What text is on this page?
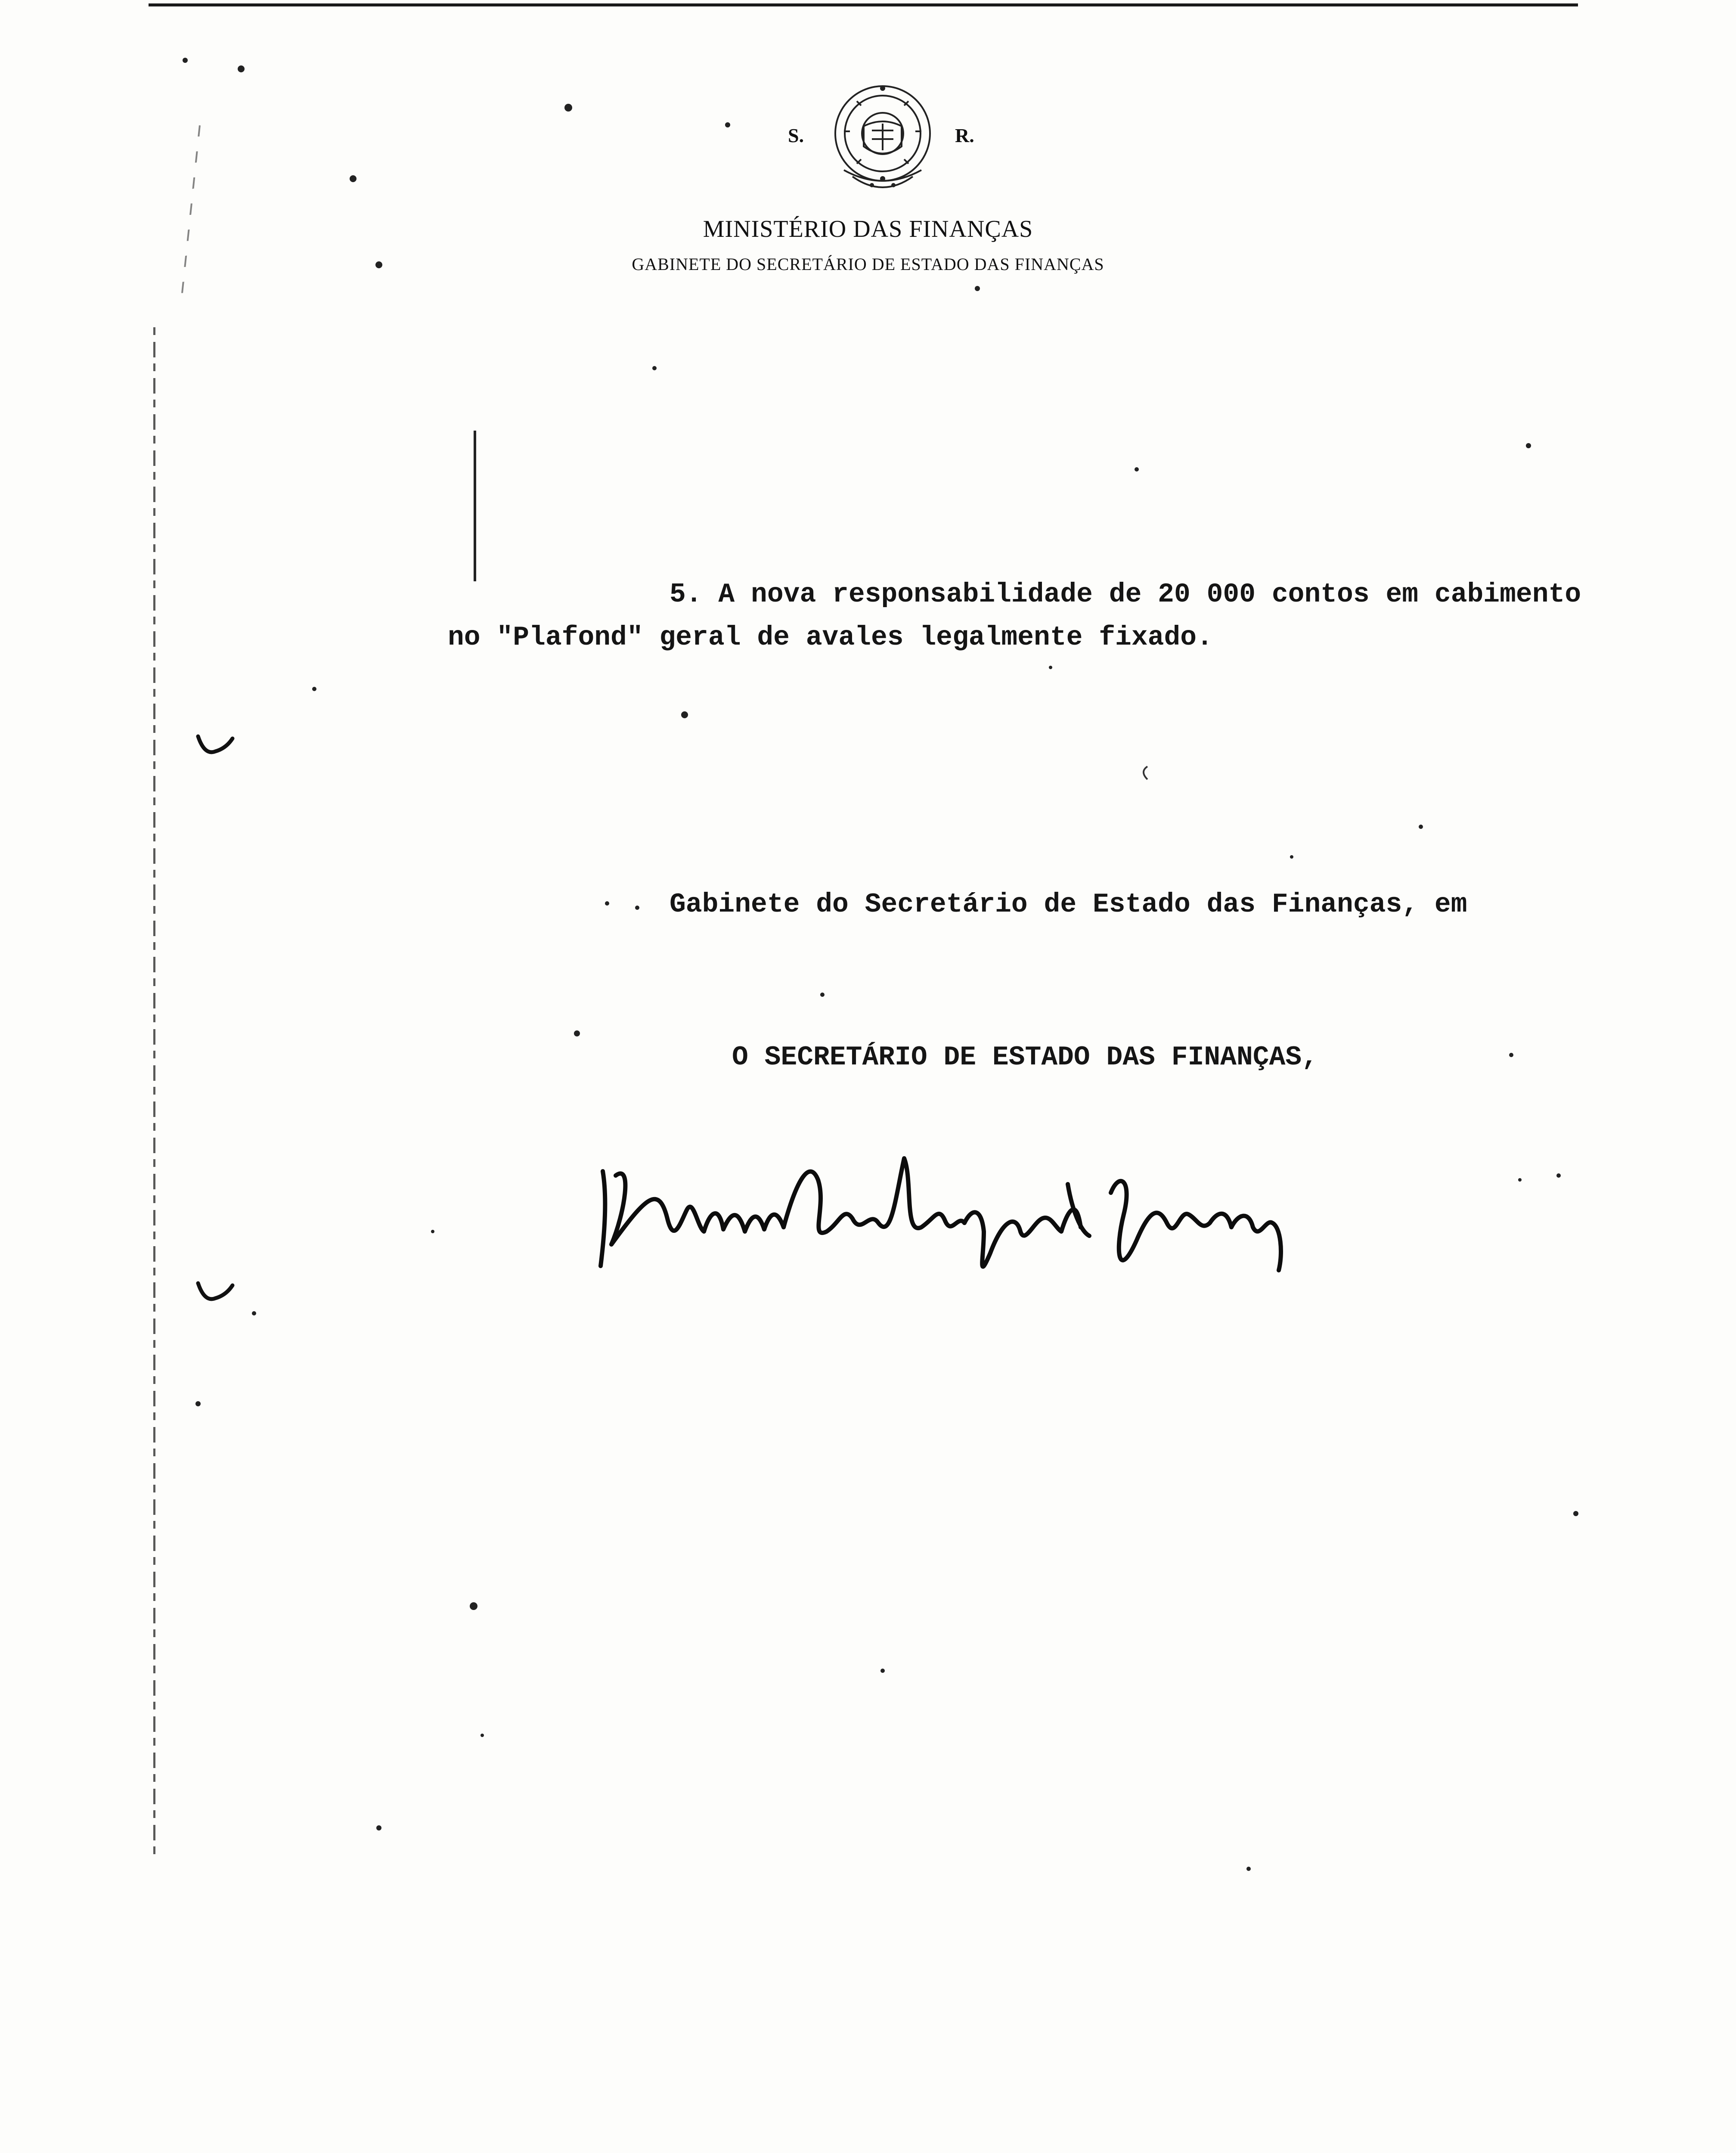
S.	R.
MINISTÉRIO DAS FINANÇAS
GABINETE DO SECRETÁRIO DE ESTADO DAS FINANÇAS
5. A nova responsabilidade de 20 000 contos em cabimento
no "Plafond" geral de avales legalmente fixado.
Gabinete do Secretário de Estado das Finanças, em
O SECRETÁRIO DE ESTADO DAS FINANÇAS,
